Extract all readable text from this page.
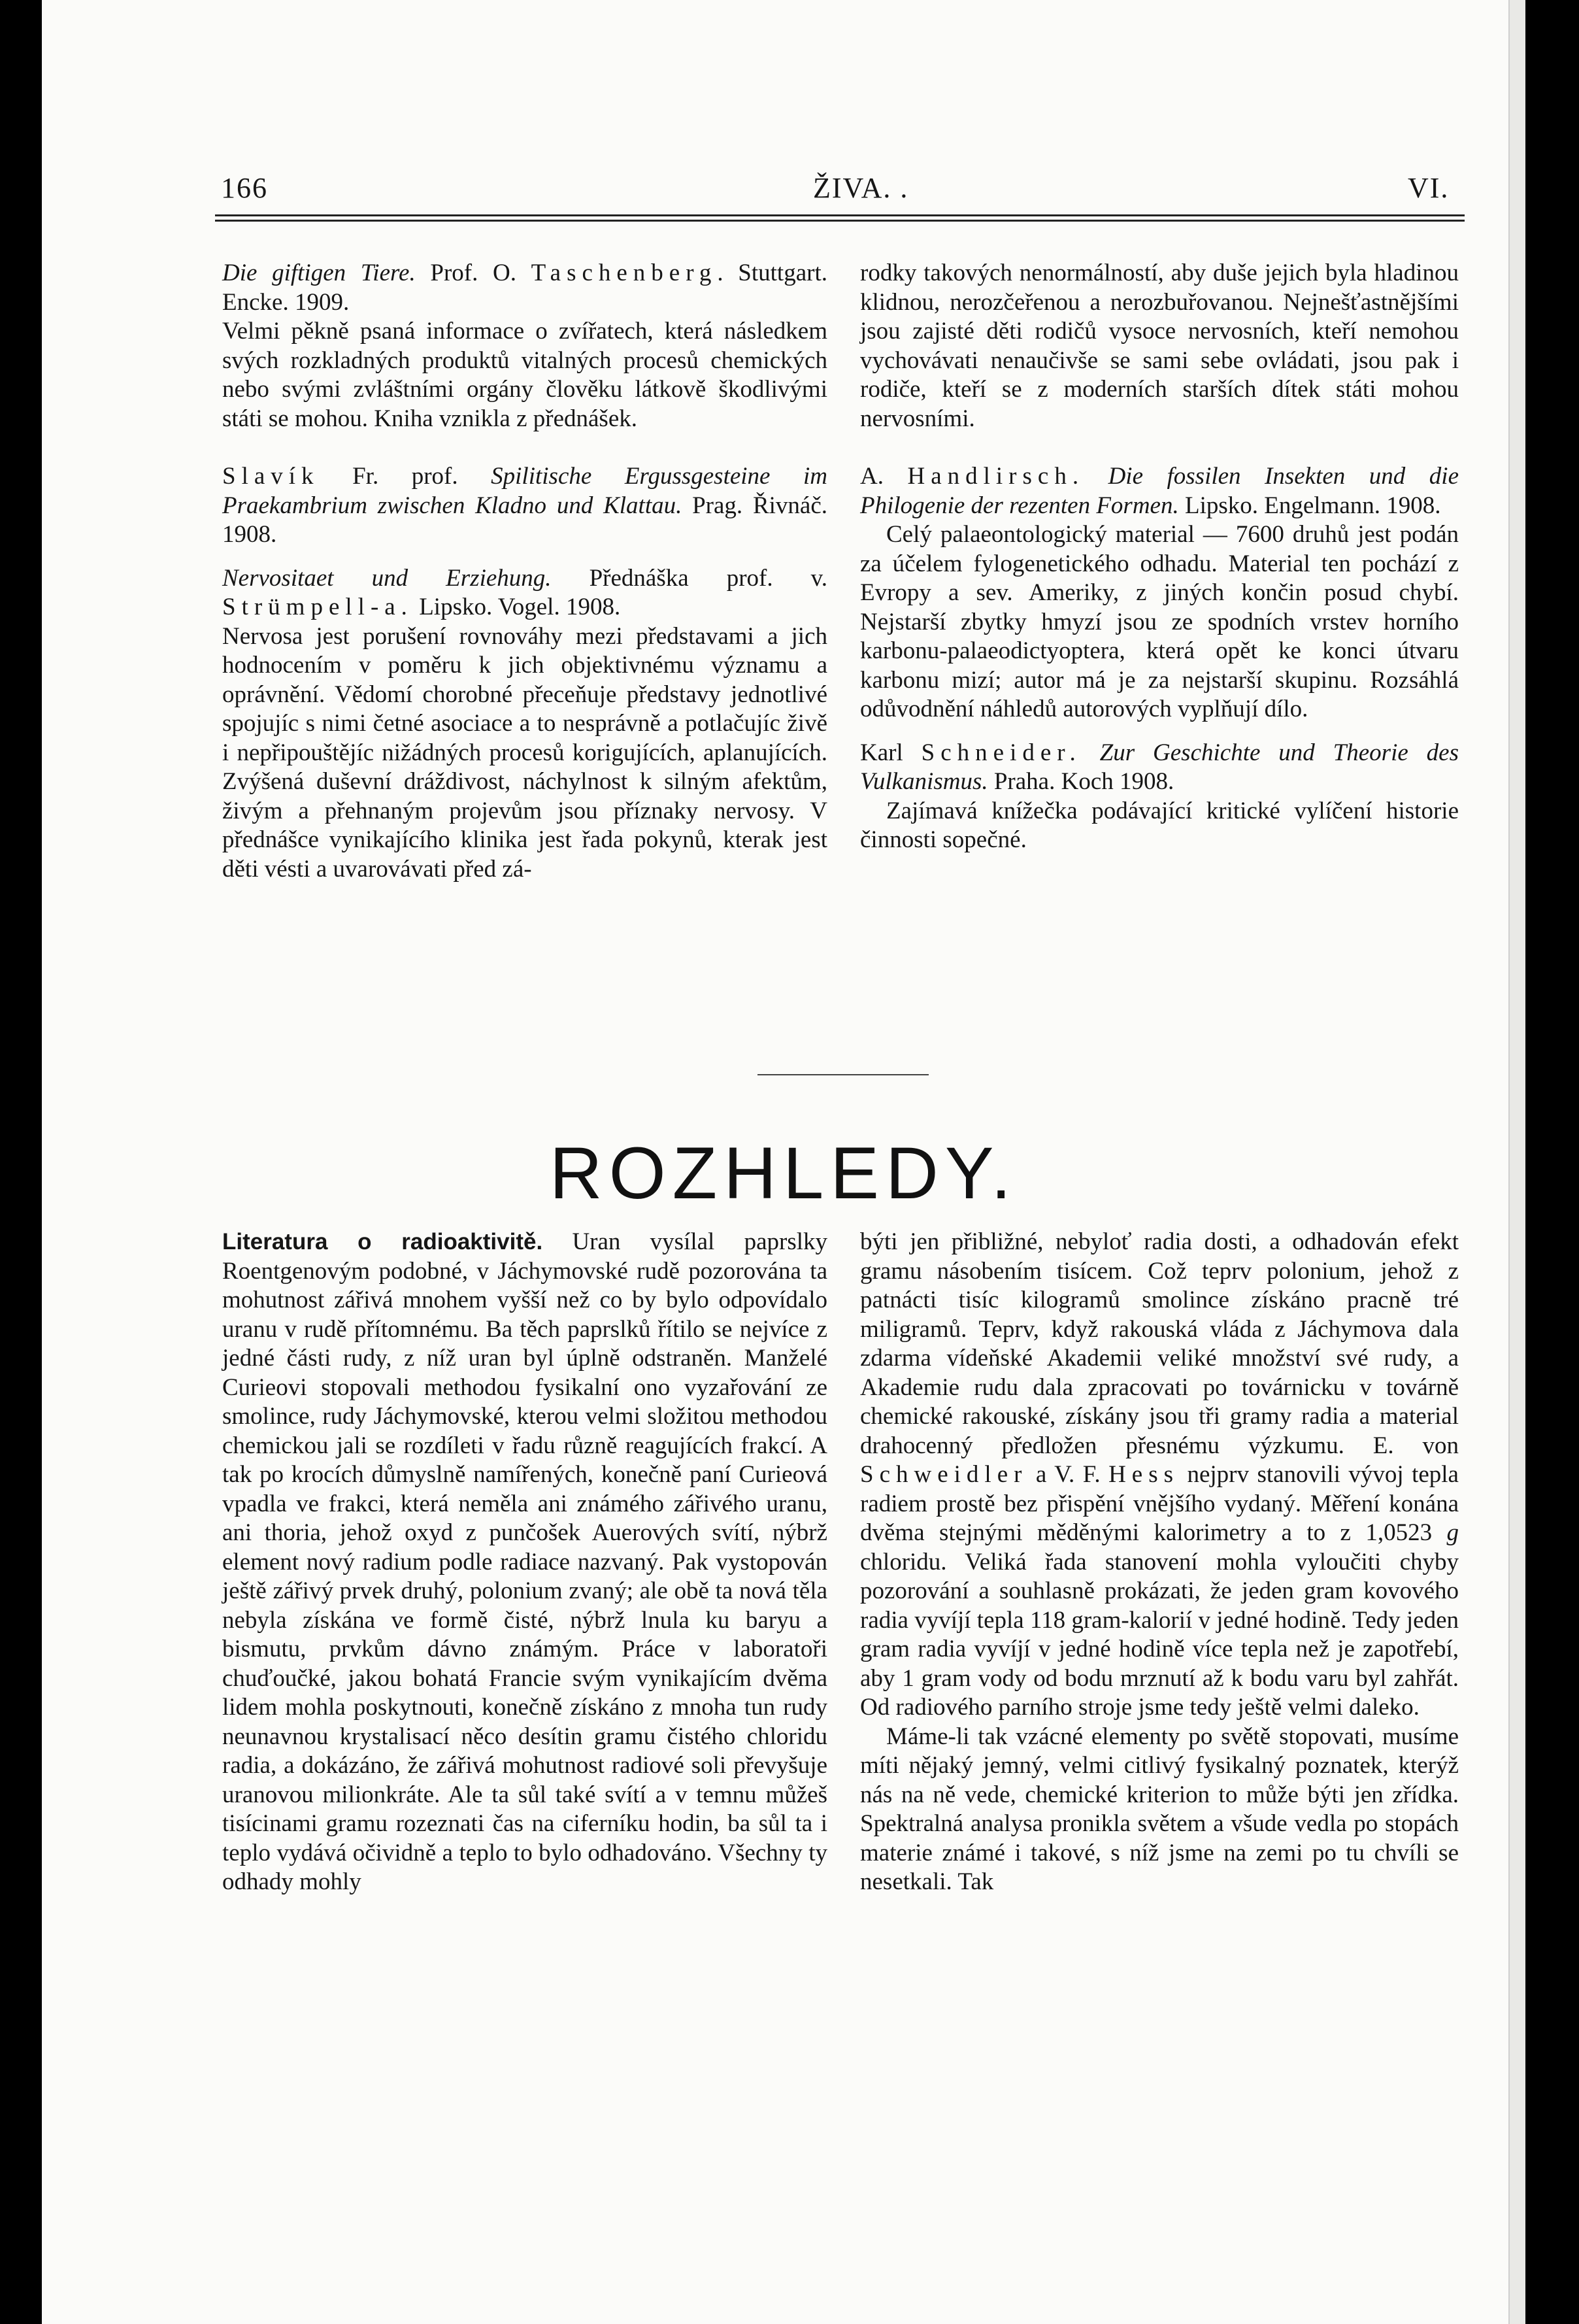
166	ŽIVA. .	VI.

Die giftigen Tiere. Prof. O. Taschenberg. Stuttgart. Encke. 1909.

Velmi pěkně psaná informace o zvířatech, která následkem svých rozkladných produktů vitalných procesů chemických nebo svými zvláštními orgány člověku látkově škodlivými státi se mohou. Kniha vznikla z přednášek.

Slavík Fr. prof. Spilitische Ergussgesteine im Praekambrium zwischen Kladno und Klattau. Prag. Řivnáč. 1908.

Nervositaet und Erziehung. Přednáška prof. v. Strümpell-a. Lipsko. Vogel. 1908.

Nervosa jest porušení rovnováhy mezi představami a jich hodnocením v poměru k jich objektivnému významu a oprávnění. Vědomí chorobné přeceňuje představy jednotlivé spojujíc s nimi četné asociace a to nesprávně a potlačujíc živě i nepřipouštějíc nižádných procesů korigujících, aplanujících. Zvýšená duševní dráždivost, náchylnost k silným afektům, živým a přehnaným projevům jsou příznaky nervosy. V přednášce vynikajícího klinika jest řada pokynů, kterak jest děti vésti a uvarovávati před zá-

rodky takových nenormálností, aby duše jejich byla hladinou klidnou, nerozčeřenou a nerozbuřovanou. Nejnešťastnějšími jsou zajisté děti rodičů vysoce nervosních, kteří nemohou vychovávati nenaučivše se sami sebe ovládati, jsou pak i rodiče, kteří se z moderních starších dítek státi mohou nervosními.

A. Handlirsch. Die fossilen Insekten und die Philogenie der rezenten Formen. Lipsko. Engelmann. 1908.

Celý palaeontologický material — 7600 druhů jest podán za účelem fylogenetického odhadu. Material ten pochází z Evropy a sev. Ameriky, z jiných končin posud chybí. Nejstarší zbytky hmyzí jsou ze spodních vrstev horního karbonu-palaeodictyoptera, která opět ke konci útvaru karbonu mizí; autor má je za nejstarší skupinu. Rozsáhlá odůvodnění náhledů autorových vyplňují dílo.

Karl Schneider. Zur Geschichte und Theorie des Vulkanismus. Praha. Koch 1908.

Zajímavá knížečka podávající kritické vylíčení historie činnosti sopečné.

ROZHLEDY.

Literatura o radioaktivitě. Uran vysílal paprslky Roentgenovým podobné, v Jáchymovské rudě pozorována ta mohutnost zářivá mnohem vyšší než co by bylo odpovídalo uranu v rudě přítomnému. Ba těch paprslků řítilo se nejvíce z jedné části rudy, z níž uran byl úplně odstraněn. Manželé Curieovi stopovali methodou fysikalní ono vyzařování ze smolince, rudy Jáchymovské, kterou velmi složitou methodou chemickou jali se rozdíleti v řadu různě reagujících frakcí. A tak po krocích důmyslně namířených, konečně paní Curieová vpadla ve frakci, která neměla ani známého zářivého uranu, ani thoria, jehož oxyd z punčošek Auerových svítí, nýbrž element nový radium podle radiace nazvaný. Pak vystopován ještě zářivý prvek druhý, polonium zvaný; ale obě ta nová těla nebyla získána ve formě čisté, nýbrž lnula ku baryu a bismutu, prvkům dávno známým. Práce v laboratoři chuďoučké, jakou bohatá Francie svým vynikajícím dvěma lidem mohla poskytnouti, konečně získáno z mnoha tun rudy neunavnou krystalisací něco desítin gramu čistého chloridu radia, a dokázáno, že zářivá mohutnost radiové soli převyšuje uranovou milionkráte. Ale ta sůl také svítí a v temnu můžeš tisícinami gramu rozeznati čas na ciferníku hodin, ba sůl ta i teplo vydává očividně a teplo to bylo odhadováno. Všechny ty odhady mohly

býti jen přibližné, nebyloť radia dosti, a odhadován efekt gramu násobením tisícem. Což teprv polonium, jehož z patnácti tisíc kilogramů smolince získáno pracně tré miligramů. Teprv, když rakouská vláda z Jáchymova dala zdarma vídeňské Akademii veliké množství své rudy, a Akademie rudu dala zpracovati po továrnicku v továrně chemické rakouské, získány jsou tři gramy radia a material drahocenný předložen přesnému výzkumu. E. von Schweidler a V. F. Hess nejprv stanovili vývoj tepla radiem prostě bez přispění vnějšího vydaný. Měření konána dvěma stejnými měděnými kalorimetry a to z 1,0523 g chloridu. Veliká řada stanovení mohla vyloučiti chyby pozorování a souhlasně prokázati, že jeden gram kovového radia vyvíjí tepla 118 gram-kalorií v jedné hodině. Tedy jeden gram radia vyvíjí v jedné hodině více tepla než je zapotřebí, aby 1 gram vody od bodu mrznutí až k bodu varu byl zahřát. Od radiového parního stroje jsme tedy ještě velmi daleko.

Máme-li tak vzácné elementy po světě stopovati, musíme míti nějaký jemný, velmi citlivý fysikalný poznatek, kterýž nás na ně vede, chemické kriterion to může býti jen zřídka. Spektralná analysa pronikla světem a všude vedla po stopách materie známé i takové, s níž jsme na zemi po tu chvíli se nesetkali. Tak
